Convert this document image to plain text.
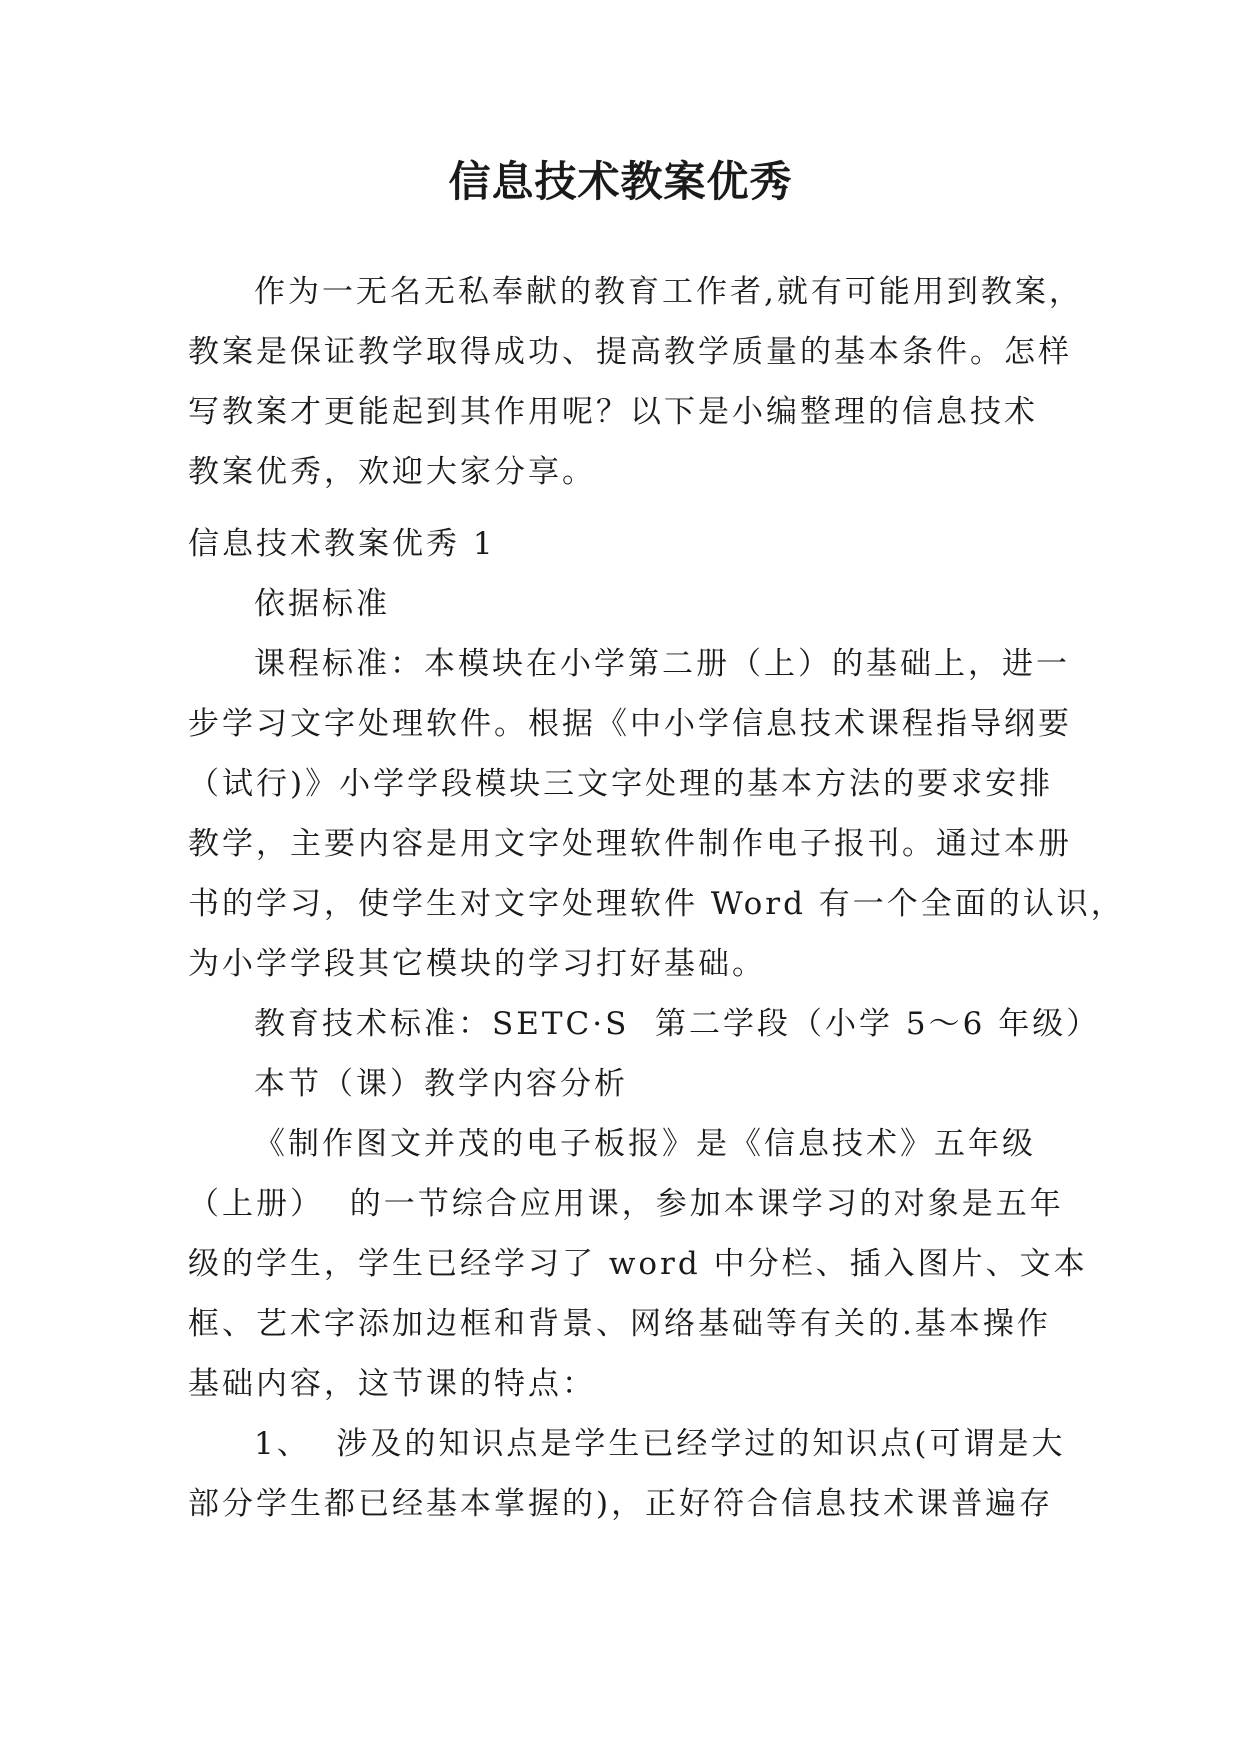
信息技术教案优秀
作为一无名无私奉献的教育工作者,就有可能用到教案，
教案是保证教学取得成功、提高教学质量的基本条件。怎样
写教案才更能起到其作用呢？以下是小编整理的信息技术
教案优秀，欢迎大家分享。
信息技术教案优秀 1
依据标准
课程标准：本模块在小学第二册（上）的基础上，进一
步学习文字处理软件。根据《中小学信息技术课程指导纲要
（试行)》小学学段模块三文字处理的基本方法的要求安排
教学，主要内容是用文字处理软件制作电子报刊。通过本册
书的学习，使学生对文字处理软件 Word 有一个全面的认识，
为小学学段其它模块的学习打好基础。
教育技术标准：SETC·S  第二学段（小学 5～6 年级）
本节（课）教学内容分析
《制作图文并茂的电子板报》是《信息技术》五年级
（上册）  的一节综合应用课，参加本课学习的对象是五年
级的学生，学生已经学习了 word 中分栏、插入图片、文本
框、艺术字添加边框和背景、网络基础等有关的.基本操作
基础内容，这节课的特点：
1、  涉及的知识点是学生已经学过的知识点(可谓是大
部分学生都已经基本掌握的)，正好符合信息技术课普遍存
